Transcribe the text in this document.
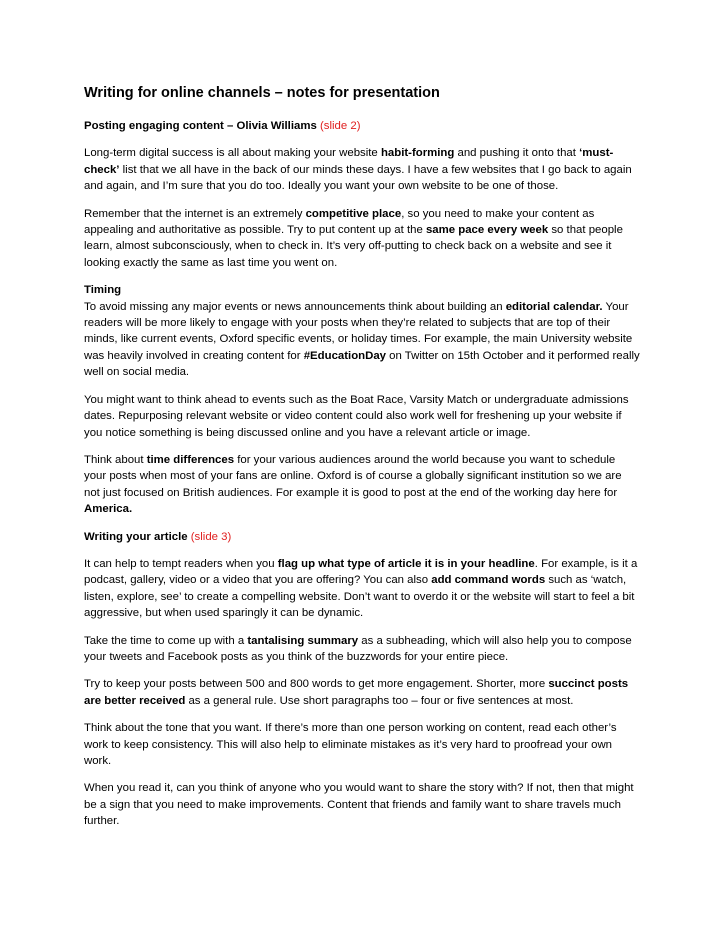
Writing for online channels – notes for presentation

Posting engaging content – Olivia Williams (slide 2)

Long-term digital success is all about making your website habit-forming and pushing it onto that ‘must-check’ list that we all have in the back of our minds these days. I have a few websites that I go back to again and again, and I’m sure that you do too. Ideally you want your own website to be one of those.

Remember that the internet is an extremely competitive place, so you need to make your content as appealing and authoritative as possible. Try to put content up at the same pace every week so that people learn, almost subconsciously, when to check in. It’s very off-putting to check back on a website and see it looking exactly the same as last time you went on.

Timing
To avoid missing any major events or news announcements think about building an editorial calendar. Your readers will be more likely to engage with your posts when they’re related to subjects that are top of their minds, like current events, Oxford specific events, or holiday times. For example, the main University website was heavily involved in creating content for #EducationDay on Twitter on 15th October and it performed really well on social media.

You might want to think ahead to events such as the Boat Race, Varsity Match or undergraduate admissions dates. Repurposing relevant website or video content could also work well for freshening up your website if you notice something is being discussed online and you have a relevant article or image.

Think about time differences for your various audiences around the world because you want to schedule your posts when most of your fans are online. Oxford is of course a globally significant institution so we are not just focused on British audiences. For example it is good to post at the end of the working day here for America.

Writing your article (slide 3)

It can help to tempt readers when you flag up what type of article it is in your headline. For example, is it a podcast, gallery, video or a video that you are offering? You can also add command words such as ‘watch, listen, explore, see’ to create a compelling website. Don’t want to overdo it or the website will start to feel a bit aggressive, but when used sparingly it can be dynamic.

Take the time to come up with a tantalising summary as a subheading, which will also help you to compose your tweets and Facebook posts as you think of the buzzwords for your entire piece.

Try to keep your posts between 500 and 800 words to get more engagement. Shorter, more succinct posts are better received as a general rule. Use short paragraphs too – four or five sentences at most.

Think about the tone that you want. If there’s more than one person working on content, read each other’s work to keep consistency. This will also help to eliminate mistakes as it’s very hard to proofread your own work.

When you read it, can you think of anyone who you would want to share the story with? If not, then that might be a sign that you need to make improvements. Content that friends and family want to share travels much further.
